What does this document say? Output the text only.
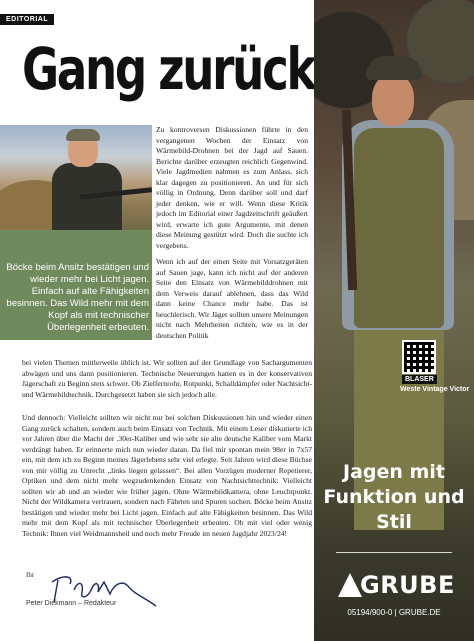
EDITORIAL
Gang zurück
‚
Böcke beim Ansitz bestätigen und wieder mehr bei Licht jagen. Einfach auf alte Fähigkeiten besinnen. Das Wild mehr mit dem Kopf als mit technischer Überlegenheit erbeuten.

Zu kontroversen Diskussionen führte in den vergangenen Wochen der Einsatz von Wärmebild-Drohnen bei der Jagd auf Sauen. Berichte darüber erzeugten reichlich Gegenwind. Viele Jagdmedien nahmen es zum Anlass, sich klar dagegen zu positionieren. An und für sich völlig in Ordnung. Denn darüber soll und darf jeder denken, wie er will. Wenn diese Kritik jedoch im Editorial einer Jagdzeitschrift geäußert wird, erwarte ich gute Argumente, mit denen diese Meinung gestützt wird. Doch die suchte ich vergebens.

Wenn ich auf der einen Seite mit Vorsatzgeräten auf Sauen jage, kann ich nicht auf der anderen Seite den Einsatz von Wärmebilddrohnen mit dem Verweis darauf ablehnen, dass das Wild dann keine Chance mehr habe. Das ist heuchlerisch. Wir Jäger sollten unsere Meinungen nicht nach Mehrheiten richten, wie es in der deutschen Politik

bei vielen Themen mittlerweile üblich ist. Wir sollten auf der Grundlage von Sachargumenten abwägen und uns dann positionieren. Technische Neuerungen hatten es in der konservativen Jägerschaft zu Beginn stets schwer. Ob Zielfernrohr, Rotpunkt, Schalldämpfer oder Nachtsicht- und Wärmebildtechnik. Durchgesetzt haben sie sich jedoch alle.

Und dennoch: Vielleicht sollten wir nicht nur bei solchen Diskussionen hin und wieder einen Gang zurück schalten, sondern auch beim Einsatz von Technik. Mit einem Leser diskutierte ich vor Jahren über die Macht der .30er-Kaliber und wie sehr sie alte deutsche Kaliber vom Markt verdrängt haben. Er erinnerte mich nun wieder daran. Da fiel mir spontan mein 98er in 7x57 ein, mit dem ich zu Beginn meines Jägerlebens sehr viel erlegte. Seit Jahren wird diese Büchse von mir völlig zu Unrecht „links liegen gelassen“. Bei allen Vorzügen moderner Repetierer, Optiken und dem nicht mehr wegzudenkenden Einsatz von Nachtsichttechnik: Vielleicht sollten wir ab und an wieder wie früher jagen. Ohne Wärmebildkamera, ohne Leuchtpunkt. Nicht der Wildkamera vertrauen, sondern nach Fährten und Spuren suchen. Böcke beim Ansitz bestätigen und wieder mehr bei Licht jagen. Einfach auf alte Fähigkeiten besinnen. Das Wild mehr mit dem Kopf als mit technischer Überlegenheit erbeuten. Ob mit viel oder wenig Technik: Ihnen viel Weidmannsheil und noch mehr Freude im neuen Jagdjahr 2023/24!

Ihr
Peter Diekmann – Redakteur
BLASER
Weste Vintage Victor
Jagen mit Funktion und Stil
GRUBE
05194/900-0 | GRUBE.DE
